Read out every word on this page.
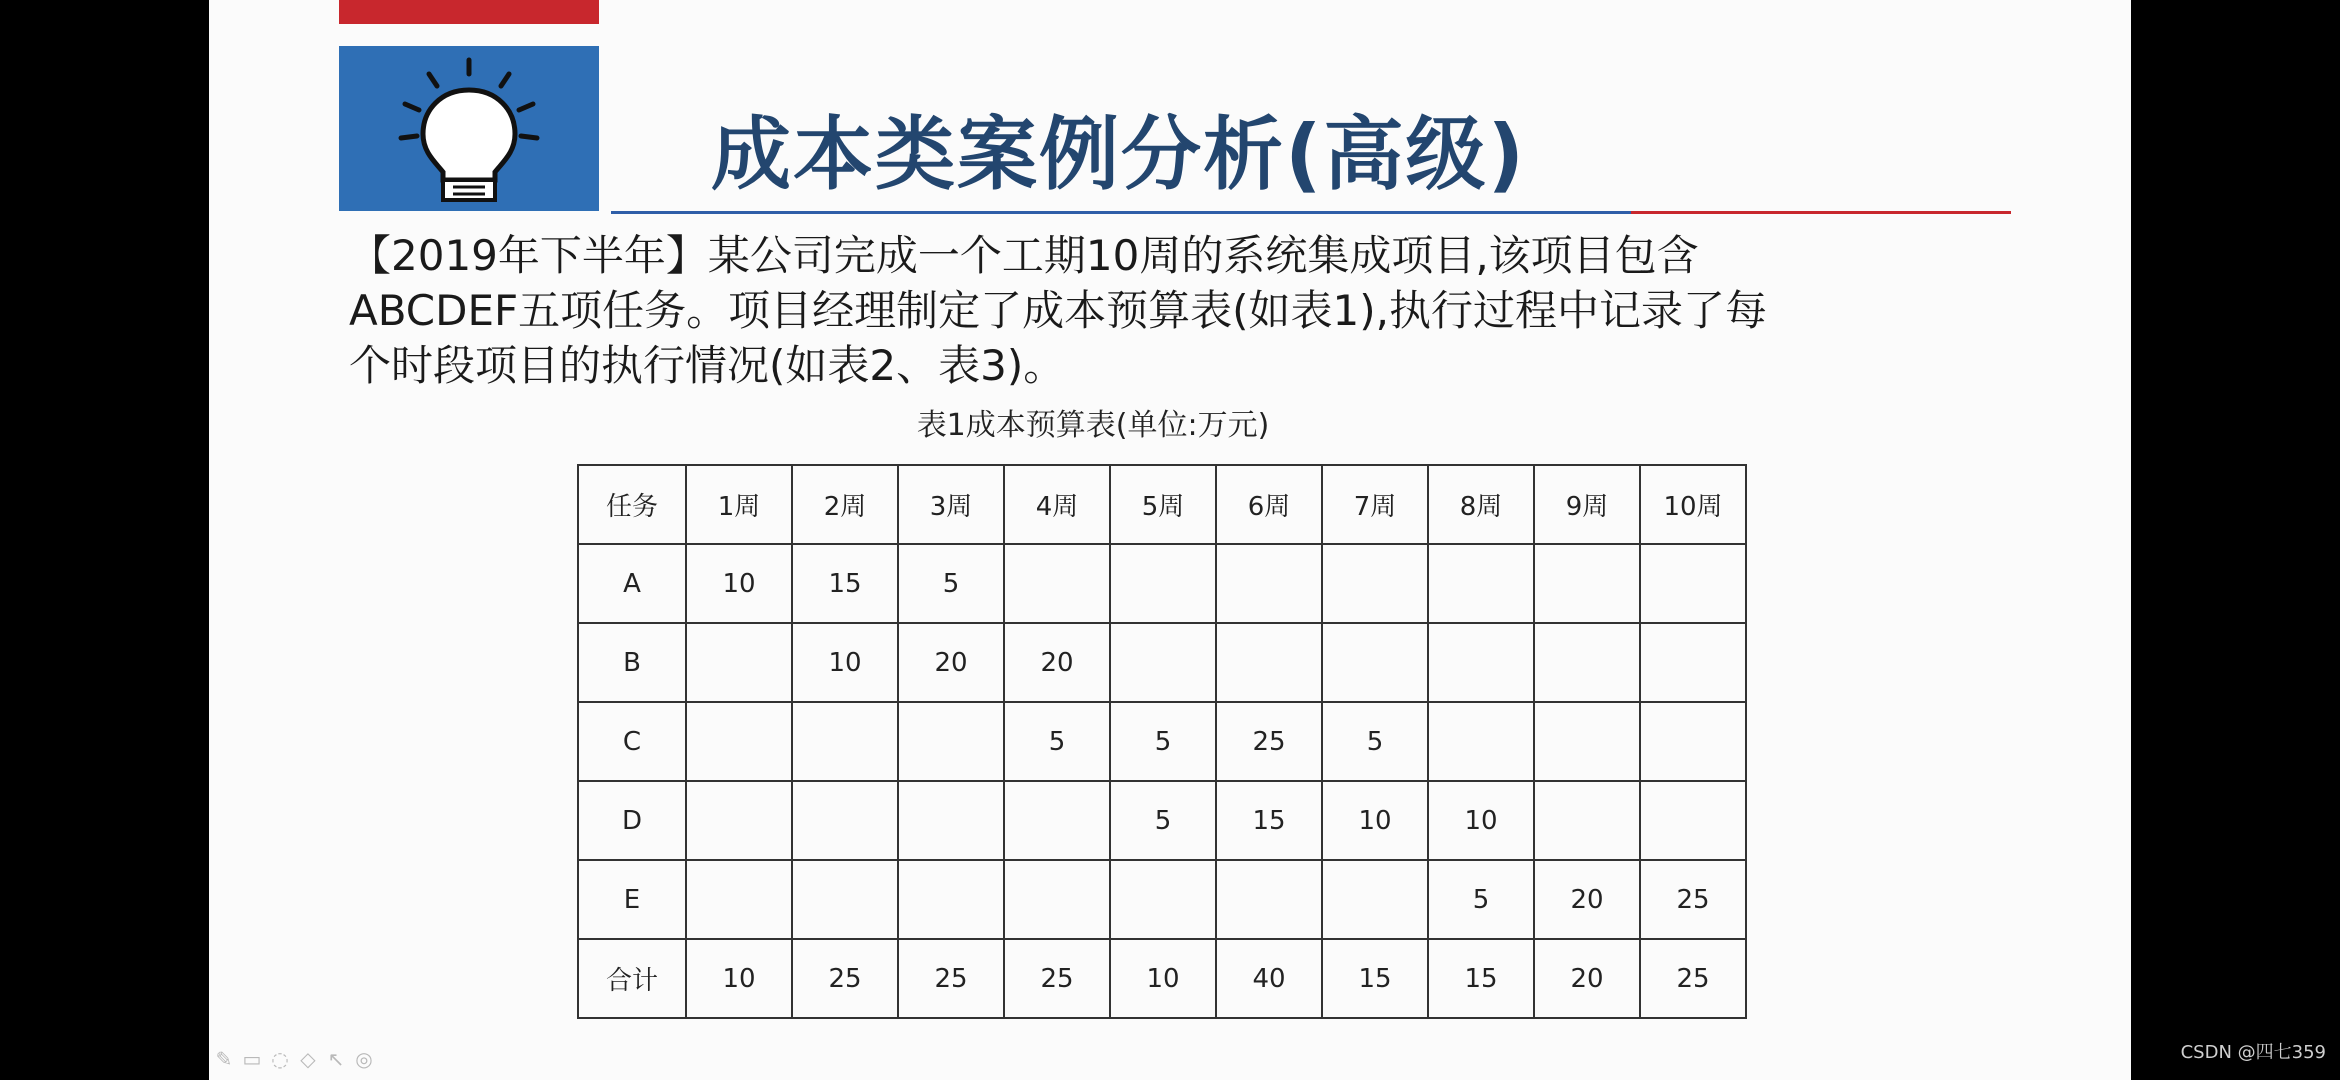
成本类案例分析(高级)
【2019年下半年】某公司完成一个工期10周的系统集成项目,该项目包含
ABCDEF五项任务。项目经理制定了成本预算表(如表1),执行过程中记录了每
个时段项目的执行情况(如表2、表3)。
表1成本预算表(单位:万元)
任务	1周	2周	3周	4周	5周	6周	7周	8周	9周	10周
A	10	15	5							
B		10	20	20						
C				5	5	25	5			
D					5	15	10	10		
E								5	20	25
合计	10	25	25	25	10	40	15	15	20	25
✎ ▭ ◌ ◇ ↖ ◎	CSDN @四七359
